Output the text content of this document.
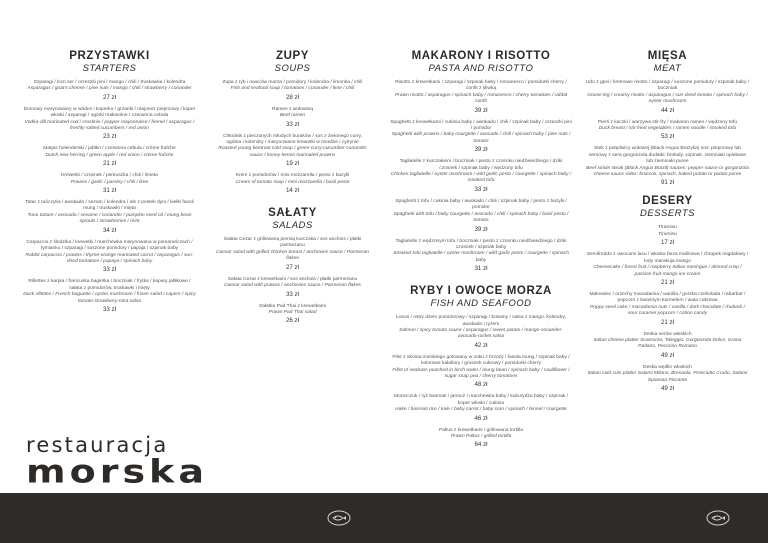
PRZYSTAWKI
STARTERS
Szparagi / kozi ser / orzeszki pini / mango / chili / truskawka / kolendra
Asparagus / goat's cheese / pine nuts / mango / chili / strawberry / coriander
27 zł
Domowy marynowany w wódce i koperku / grzanki / majonez pieprzowy / koper włoski / szparagi / ogórki małosolne / czerwona cebula
Vodka-dill marinated cod / crostinis / pepper mayonnaise / fennel / asparagus / freshly-salted cucumbers / red onion
23 zł
Matjas holenderski / jabłko / czerwona cebula / crème fraîche
Dutch new herring / green apple / red onion / crème fraîche
21 zł
Krewetki / czosnek / pietruszka / chili / limeta
Prawns / garlic / parsley / chili / lime
31 zł
Tatar z tuńczyka / awokado / sezam / kolendra / ole z pestek dyni / kiełki fasoli mung / truskawki / mięta
Tuna tartare / avocado / sesame / coriander / pumpkin seed oil / mung bean sprouts / strawberries / mint
34 zł
Carpaccio z śledzika / krewetki / marchewka marynowana w pomarańczach / tymianku / szparagi / suszone pomidory / papaja / szpinak baby
Rabbit carpaccio / prawns / thyme-orange marinated carrot / asparagus / sun-dried tomatoes / papaya / spinach baby
33 zł
Rillettes z karpia / francuska bagietka / boczniak / frytka / kapary jabłkowe / sałata z pomidorów, truskawki i mięty
Duck rillettes / French baguette / oyster mushroom / frisee salad / capers / spicy tomato-strawberry-mint salsa
33 zł
ZUPY
SOUPS
Zupa z ryb i owoców morza / pomidory / kolendra / limonka / chili
Fish and seafood soup / tomatoes / coriander / lime / chili
28 zł
Ramen z wołowiną
Beef ramen
33 zł
Chłodnik z pieczonych młodych buraków / sos z zielonego curry, ogórka i kolendry / marynowane krewetki w miodzie i cytrynie
Roasted young beetroot cold soup / green curry-cucumber-coriander sauce / honey-lemon marinated prawns
19 zł
Krem z pomidorów / mini mozzarella / pesto z bazylii
Cream of tomato soup / mini mozzarella / basil pesto
14 zł
SAŁATY
SALADS
Sałata Cezar z grillowaną piersią kurczaka / sos anchois / płatki parmezanu
Caesar salad with grilled chicken breast / anchovies sauce / Parmesan flakes
27 zł
Sałata Cezar z krewetkami / sos anchois / płatki parmezanu
Caesar salad with prawns / anchovies sauce / Parmesan flakes
33 zł
Sałatka Pad Thai z krewetkami
Prawn Pad Thai salad
26 zł
MAKARONY I RISOTTO
PASTA AND RISOTTO
Risotto z krewetkami / szparagi / szpinak baby / romanesco / pomidorki cherry / confit z śliwką
Prawn risotto / asparagus / spinach baby / romanesco / cherry tomatoes / rabbit confit
39 zł
Spaghetti z krewetkami / cukinia baby / awokado / chili / szpinak baby / orzeszki pini / pomidor
Spaghetti with prawns / baby courgette / avocado / chili / spinach baby / pine nuts / tomato
39 zł
Tagliatelle z kurczakiem / boczniak / pesto z czosnku niedźwiedziego / dziki czosnek / szpinak baby / wędzony tofu
Chicken tagliatelle / oyster mushroom / wild garlic pesto / courgette / spinach baby / smoked tofu
33 zł
Spaghetti z tofu / cukinia baby / awokado / chili / szpinak baby / pesto z bazylii / pomidor
Spaghetti with tofu / baby courgette / avocado / chili / spinach baby / basil pesto / tomato
39 zł
Tagliatelle z wędzonym tofu / boczniak / pesto z czosnku niedźwiedziego / dziki czosnek / szpinak baby
Smoked tofu tagliatelle / oyster mushroom / wild garlic pesto / courgette / spinach baby
31 zł
RYBY I OWOCE MORZA
FISH AND SEAFOOD
Łosoś / ostry dżem pomidorowy / szparagi / botwiny / salsa z mango, kolendry, awokado i ryżem
Salmon / spicy tomato sauce / asparagus / sweet potato / mango-coriander-avocado-rocket salsa
42 zł
Filet z okonia morskiego gotowany w soku z brzozy / fasola mung / szpinak baby / kolorowe kalafiory / groszek cukrowy / pomidorki cherry
Fillet of seabass poached in birch water / mung bean / spinach baby / cauliflower / sugar snap pea / cherry tomatoes
48 zł
Morszczuk / ryż basmati / jarmuż / marchewka baby / kukurydza baby / szpinak / koper włoski / cukinia
Hake / basmati rice / kale / baby carrot / baby corn / spinach / fennel / courgette
46 zł
Paltus z krewetkami / grillowana tortilla
Prawn Paltus / grilled tortilla
64 zł
MIĘSA
MEAT
Udo z gęsi / kremowe risotto / szparagi / suszone pomidory / szpinak baby / boczniak
Goose leg / creamy risotto / asparagus / sun-dried tomato / spinach baby / oyster mushroom
44 zł
Pierś z kaczki / warzywa stir-fry / makaron ramen / wędzony tofu
Duck breast / stir-fried vegetables / ramen noodle / smoked tofu
53 zł
Stek z polędwicy wołowej (Black Angus Brazylia) sos: pieprzowy lub sernowy z sera gorgonzola dodatki: brokuły, szpinak, ziemniaki opiekane lub ziemniaki puree
Beef sirloin steak (Black Angus Brazil) sauces: pepper sauce or gorgonzola cheese sauce sides: broccoli, spinach, baked potato or potato puree
91 zł
DESERY
DESSERTS
Tiramisu
Tiramisu
17 zł
Semifreddo z owocami lasu / włoska beza malinowa / chrupek migdałowy / lody marakuja mango
Cheesecake / forest fruit / raspberry Italian meringue / almond crisp / passion fruit-mango ice-cream
21 zł
Makowiec / orzechy macadamia / wanilia / gorzka czekolada / rabarbar / popcorn z kwaśnym karmelem / wata cukrowa
Poppy seed cake / macadamia nuts / vanilla / dark chocolate / rhubarb / sour caramel popcorn / cotton candy
21 zł
Deska serów włoskich
Italian cheese platter Scamorza, Taleggio, Gorgonzola Dolce, Grana Padano, Pecorino Romano
49 zł
Deska wędlin włoskich
Italian cold cuts platter Salami Milano, Bresaola, Prosciutto Crudo, Salami Spianata Piccante
49 zł
restauracja
morska
